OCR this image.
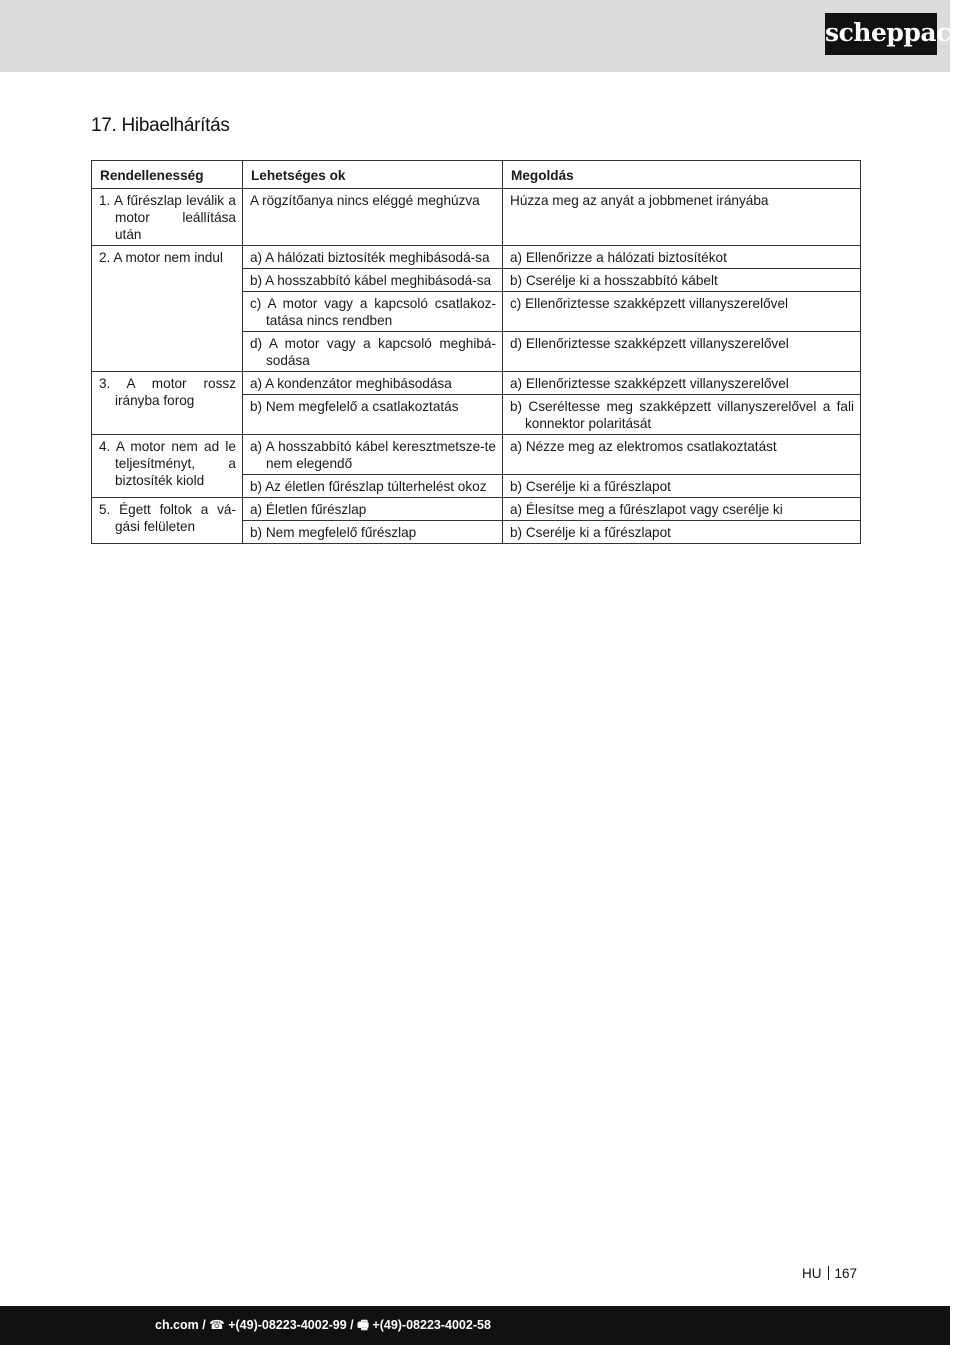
scheppach
17. Hibaelhárítás
Rendellenesség	Lehetséges ok	Megoldás
1. A fűrészlap leválik a motor leállítása után	A rögzítőanya nincs eléggé meghúzva	Húzza meg az anyát a jobbmenet irányába
2. A motor nem indul	a) A hálózati biztosíték meghibásodá-sa	a) Ellenőrizze a hálózati biztosítékot
	b) A hosszabbító kábel meghibásodá-sa	b) Cserélje ki a hosszabbító kábelt
	c) A motor vagy a kapcsoló csatlakoz-tatása nincs rendben	c) Ellenőriztesse szakképzett villanyszerelővel
	d) A motor vagy a kapcsoló meghibá-sodása	d) Ellenőriztesse szakképzett villanyszerelővel
3. A motor rossz irányba forog	a) A kondenzátor meghibásodása	a) Ellenőriztesse szakképzett villanyszerelővel
	b) Nem megfelelő a csatlakoztatás	b) Cseréltesse meg szakképzett villanyszerelővel a fali konnektor polaritását
4. A motor nem ad le teljesítményt, a biztosíték kiold	a) A hosszabbító kábel keresztmetsze-te nem elegendő	a) Nézze meg az elektromos csatlakoztatást
	b) Az életlen fűrészlap túlterhelést okoz	b) Cserélje ki a fűrészlapot
5. Égett foltok a vá-gási felületen	a) Életlen fűrészlap	a) Élesítse meg a fűrészlapot vagy cserélje ki
	b) Nem megfelelő fűrészlap	b) Cserélje ki a fűrészlapot
HU 167
ch.com / ☎ +(49)-08223-4002-99 / 🖷 +(49)-08223-4002-58
